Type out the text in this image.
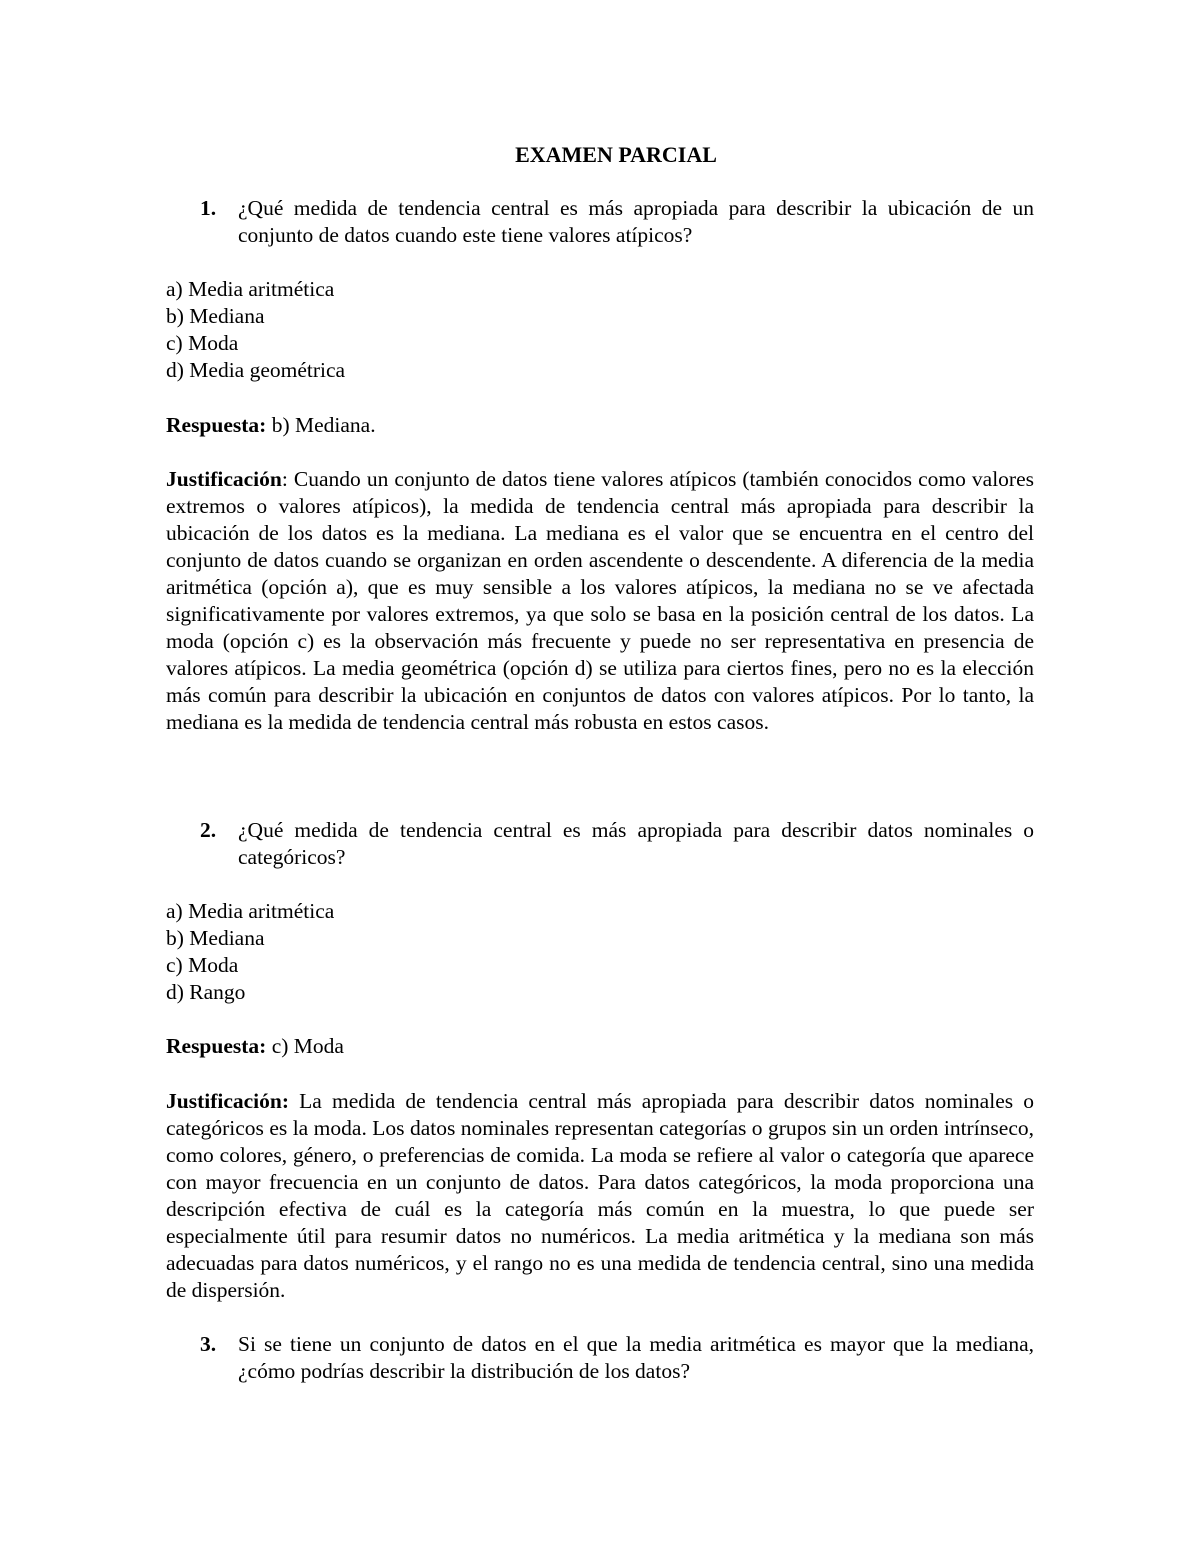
EXAMEN PARCIAL
1.	¿Qué medida de tendencia central es más apropiada para describir la ubicación de un conjunto de datos cuando este tiene valores atípicos?
a) Media aritmética
b) Mediana
c) Moda
d) Media geométrica
Respuesta: b) Mediana.
Justificación: Cuando un conjunto de datos tiene valores atípicos (también conocidos como valores extremos o valores atípicos), la medida de tendencia central más apropiada para describir la ubicación de los datos es la mediana. La mediana es el valor que se encuentra en el centro del conjunto de datos cuando se organizan en orden ascendente o descendente. A diferencia de la media aritmética (opción a), que es muy sensible a los valores atípicos, la mediana no se ve afectada significativamente por valores extremos, ya que solo se basa en la posición central de los datos. La moda (opción c) es la observación más frecuente y puede no ser representativa en presencia de valores atípicos. La media geométrica (opción d) se utiliza para ciertos fines, pero no es la elección más común para describir la ubicación en conjuntos de datos con valores atípicos. Por lo tanto, la mediana es la medida de tendencia central más robusta en estos casos.
2.	¿Qué medida de tendencia central es más apropiada para describir datos nominales o categóricos?
a) Media aritmética
b) Mediana
c) Moda
d) Rango
Respuesta: c) Moda
Justificación: La medida de tendencia central más apropiada para describir datos nominales o categóricos es la moda. Los datos nominales representan categorías o grupos sin un orden intrínseco, como colores, género, o preferencias de comida. La moda se refiere al valor o categoría que aparece con mayor frecuencia en un conjunto de datos. Para datos categóricos, la moda proporciona una descripción efectiva de cuál es la categoría más común en la muestra, lo que puede ser especialmente útil para resumir datos no numéricos. La media aritmética y la mediana son más adecuadas para datos numéricos, y el rango no es una medida de tendencia central, sino una medida de dispersión.
3.	Si se tiene un conjunto de datos en el que la media aritmética es mayor que la mediana, ¿cómo podrías describir la distribución de los datos?
